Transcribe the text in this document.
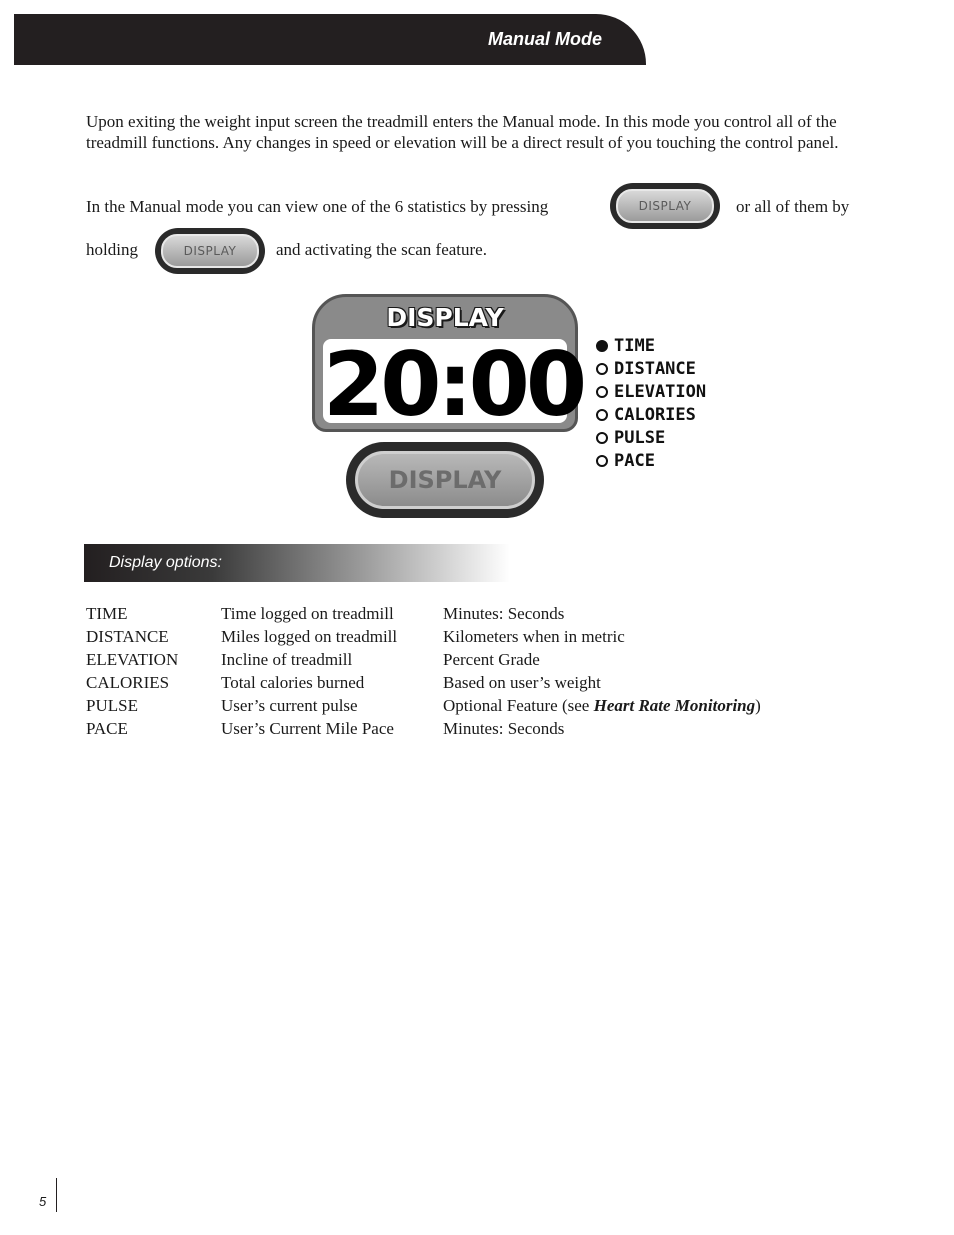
Manual Mode

Upon exiting the weight input screen the treadmill enters the Manual mode. In this mode you control all of the treadmill functions. Any changes in speed or elevation will be a direct result of you touching the control panel.

In the Manual mode you can view one of the 6 statistics by pressing	DISPLAY	or all of them by
holding	DISPLAY	and activating the scan feature.
DISPLAY
20:00
DISPLAY
TIME
DISTANCE
ELEVATION
CALORIES
PULSE
PACE
Display options:
TIME	Time logged on treadmill	Minutes: Seconds
DISTANCE	Miles logged on treadmill	Kilometers when in metric
ELEVATION	Incline of treadmill	Percent Grade
CALORIES	Total calories burned	Based on user’s weight
PULSE	User’s current pulse	Optional Feature (see Heart Rate Monitoring)
PACE	User’s Current Mile Pace	Minutes: Seconds
5
